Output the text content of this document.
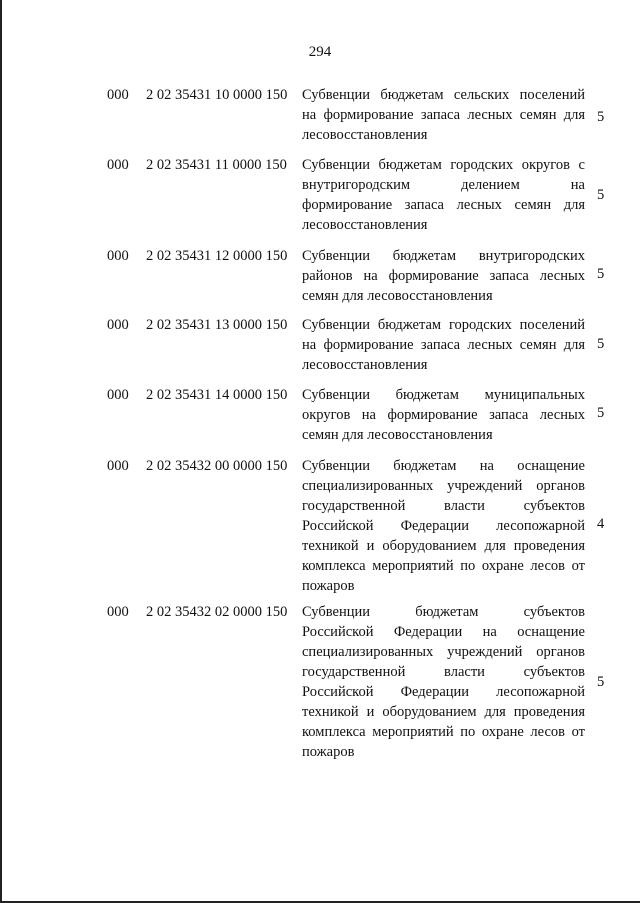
294
000 2 02 35431 10 0000 150 Субвенции бюджетам сельских поселений
на формирование запаса лесных семян для
лесовосстановления
5
000 2 02 35431 11 0000 150 Субвенции бюджетам городских округов с
внутригородским делением на
формирование запаса лесных семян для
лесовосстановления
5
000 2 02 35431 12 0000 150 Субвенции бюджетам внутригородских
районов на формирование запаса лесных
семян для лесовосстановления
5
000 2 02 35431 13 0000 150 Субвенции бюджетам городских поселений
на формирование запаса лесных семян для
лесовосстановления
5
000 2 02 35431 14 0000 150 Субвенции бюджетам муниципальных
округов на формирование запаса лесных
семян для лесовосстановления
5
000 2 02 35432 00 0000 150 Субвенции бюджетам на оснащение
специализированных учреждений органов
государственной власти субъектов
Российской Федерации лесопожарной
техникой и оборудованием для проведения
комплекса мероприятий по охране лесов от
пожаров
4
000 2 02 35432 02 0000 150 Субвенции бюджетам субъектов
Российской Федерации на оснащение
специализированных учреждений органов
государственной власти субъектов
Российской Федерации лесопожарной
техникой и оборудованием для проведения
комплекса мероприятий по охране лесов от
пожаров
5
